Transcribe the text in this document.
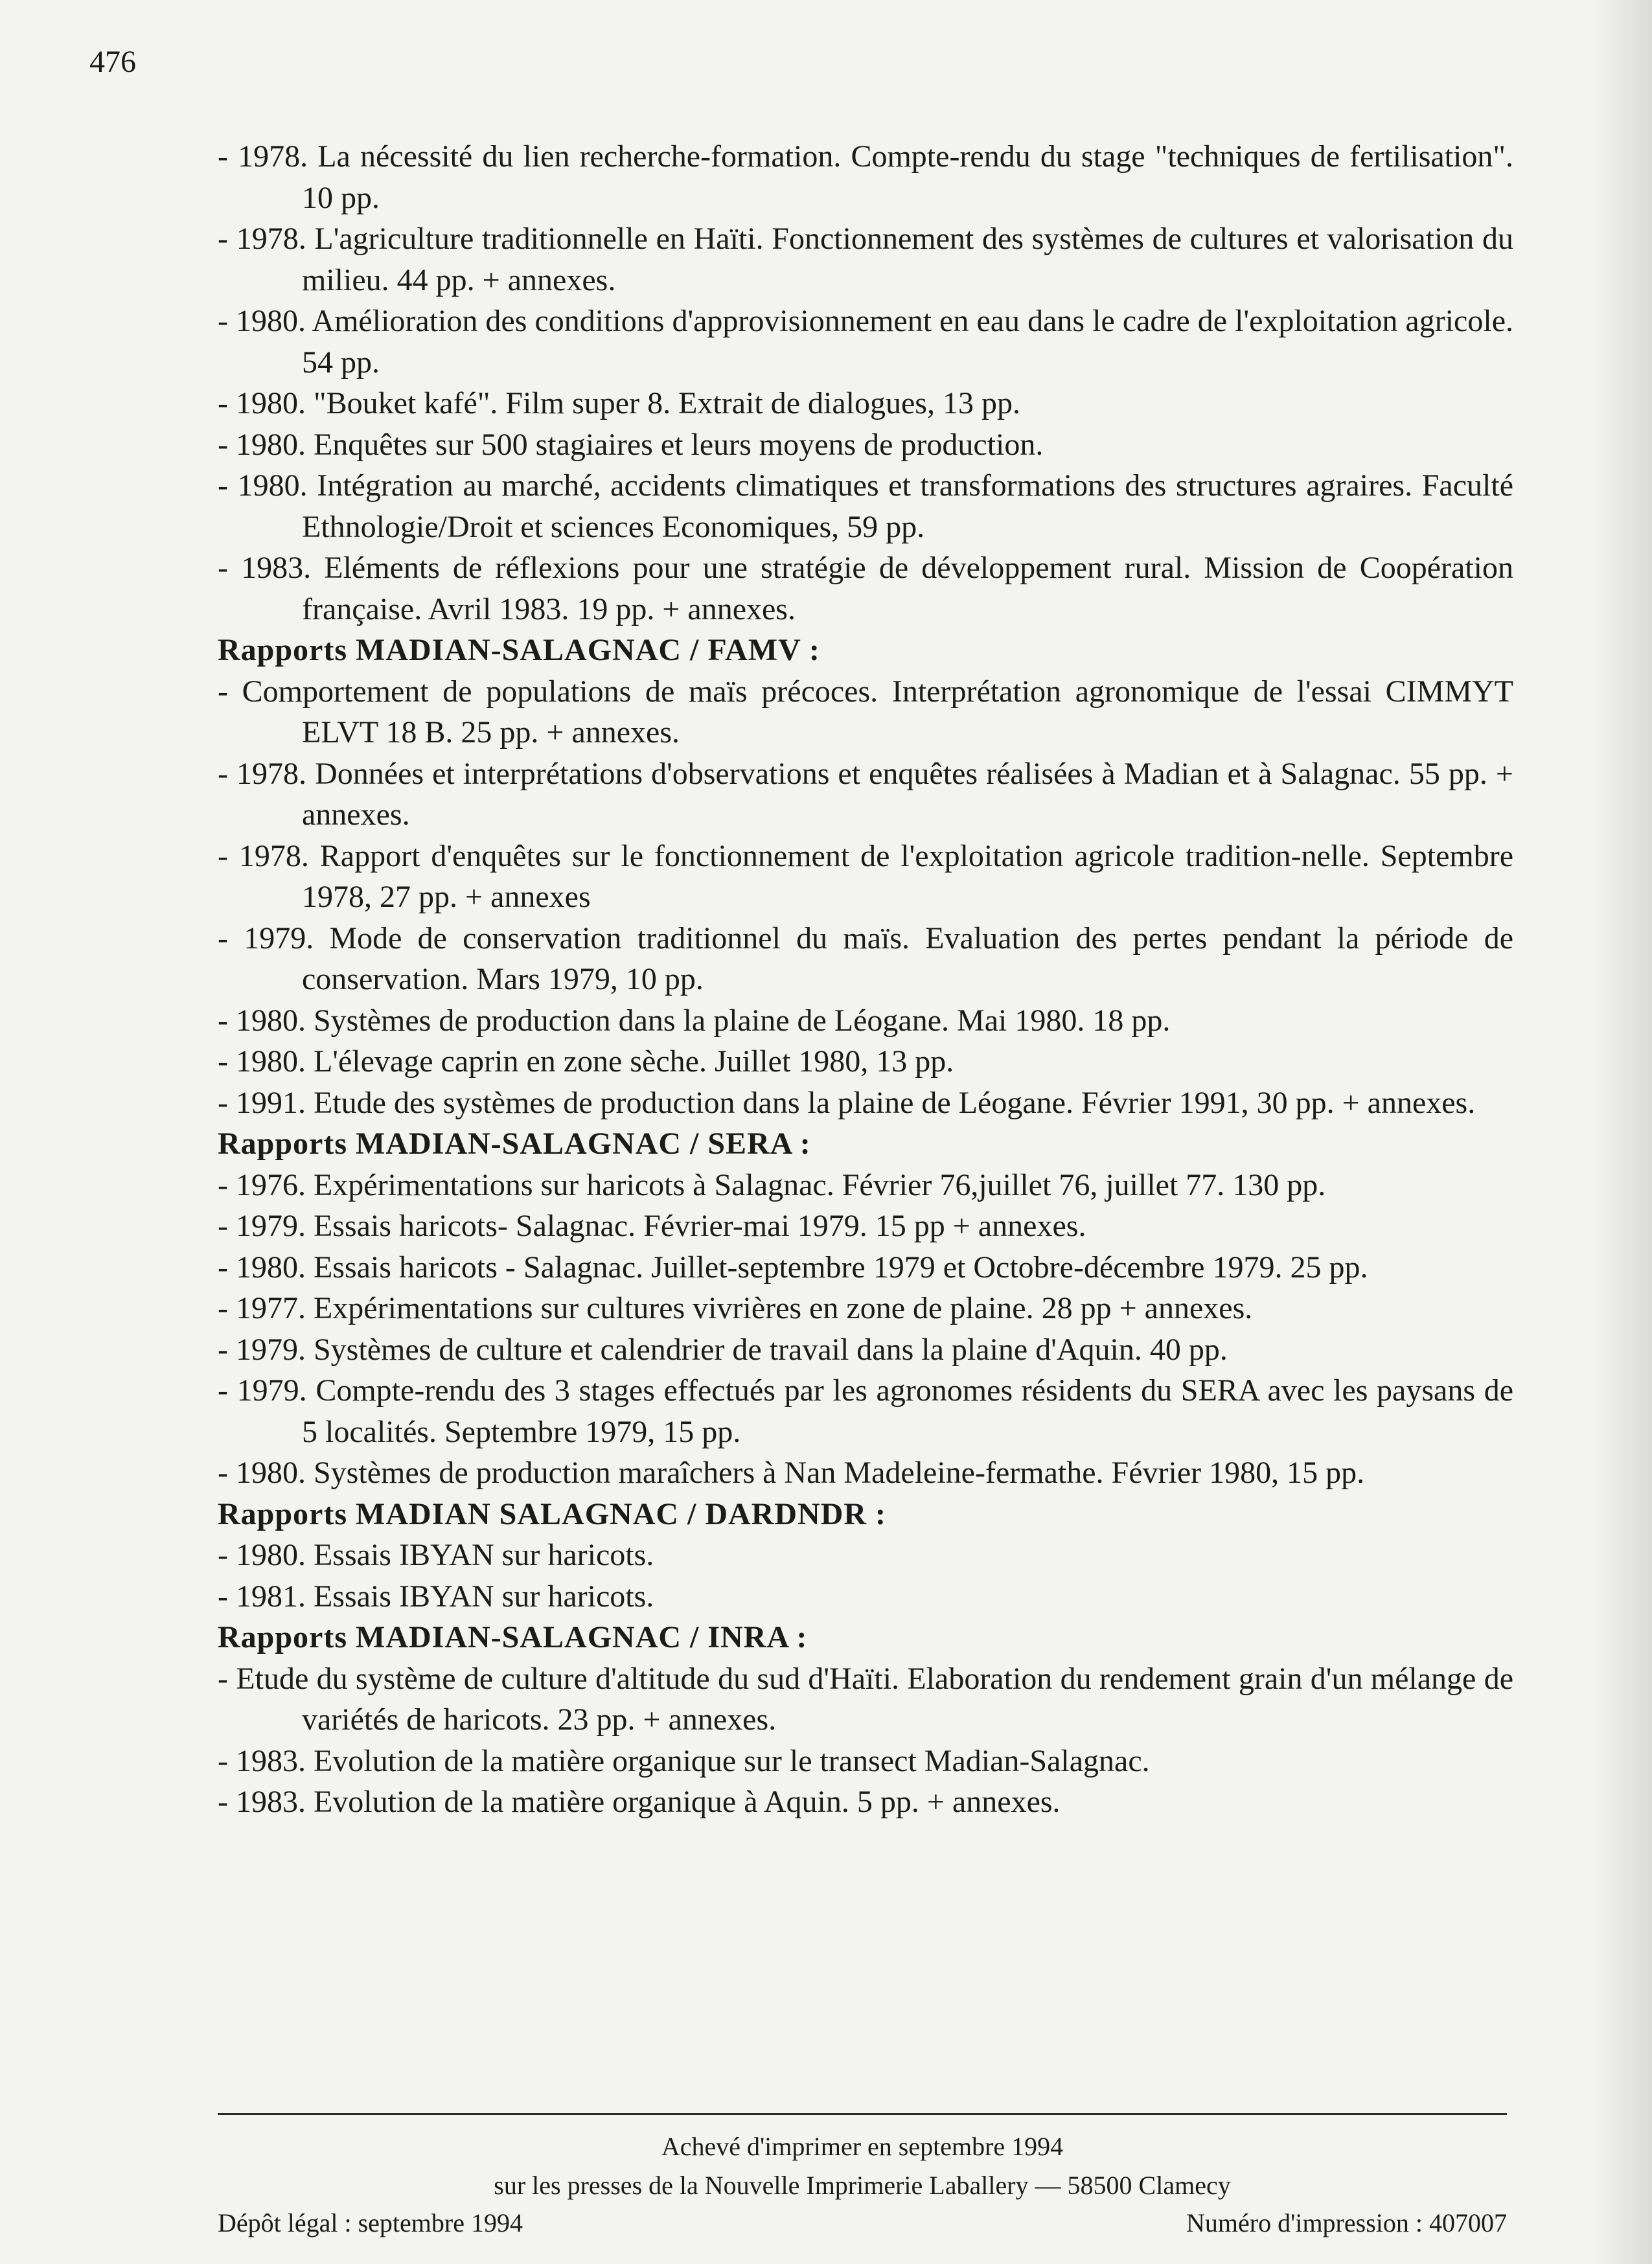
476
- 1978. La nécessité du lien recherche-formation. Compte-rendu du stage "techniques de fertilisation". 10 pp.
- 1978. L'agriculture traditionnelle en Haïti. Fonctionnement des systèmes de cultures et valorisation du milieu. 44 pp. + annexes.
- 1980. Amélioration des conditions d'approvisionnement en eau dans le cadre de l'exploitation agricole. 54 pp.
- 1980. "Bouket kafé". Film super 8. Extrait de dialogues, 13 pp.
- 1980. Enquêtes sur 500 stagiaires et leurs moyens de production.
- 1980. Intégration au marché, accidents climatiques et transformations des structures agraires. Faculté Ethnologie/Droit et sciences Economiques, 59 pp.
- 1983. Eléments de réflexions pour une stratégie de développement rural. Mission de Coopération française. Avril 1983. 19 pp. + annexes.
Rapports MADIAN-SALAGNAC / FAMV :
- Comportement de populations de maïs précoces. Interprétation agronomique de l'essai CIMMYT ELVT 18 B. 25 pp. + annexes.
- 1978. Données et interprétations d'observations et enquêtes réalisées à Madian et à Salagnac. 55 pp. + annexes.
- 1978. Rapport d'enquêtes sur le fonctionnement de l'exploitation agricole tradition-nelle. Septembre 1978, 27 pp. + annexes
- 1979. Mode de conservation traditionnel du maïs. Evaluation des pertes pendant la période de conservation. Mars 1979, 10 pp.
- 1980. Systèmes de production dans la plaine de Léogane. Mai 1980. 18 pp.
- 1980. L'élevage caprin en zone sèche. Juillet 1980, 13 pp.
- 1991. Etude des systèmes de production dans la plaine de Léogane. Février 1991, 30 pp. + annexes.
Rapports MADIAN-SALAGNAC / SERA :
- 1976. Expérimentations sur haricots à Salagnac. Février 76,juillet 76, juillet 77. 130 pp.
- 1979. Essais haricots- Salagnac. Février-mai 1979. 15 pp + annexes.
- 1980. Essais haricots - Salagnac. Juillet-septembre 1979 et Octobre-décembre 1979. 25 pp.
- 1977. Expérimentations sur cultures vivrières en zone de plaine. 28 pp + annexes.
- 1979. Systèmes de culture et calendrier de travail dans la plaine d'Aquin. 40 pp.
- 1979. Compte-rendu des 3 stages effectués par les agronomes résidents du SERA avec les paysans de 5 localités. Septembre 1979, 15 pp.
- 1980. Systèmes de production maraîchers à Nan Madeleine-fermathe. Février 1980, 15 pp.
Rapports MADIAN SALAGNAC / DARDNDR :
- 1980. Essais IBYAN sur haricots.
- 1981. Essais IBYAN sur haricots.
Rapports MADIAN-SALAGNAC / INRA :
- Etude du système de culture d'altitude du sud d'Haïti. Elaboration du rendement grain d'un mélange de variétés de haricots. 23 pp. + annexes.
- 1983. Evolution de la matière organique sur le transect Madian-Salagnac.
- 1983. Evolution de la matière organique à Aquin. 5 pp. + annexes.
Achevé d'imprimer en septembre 1994
sur les presses de la Nouvelle Imprimerie Laballery — 58500 Clamecy
Dépôt légal : septembre 1994	Numéro d'impression : 407007
